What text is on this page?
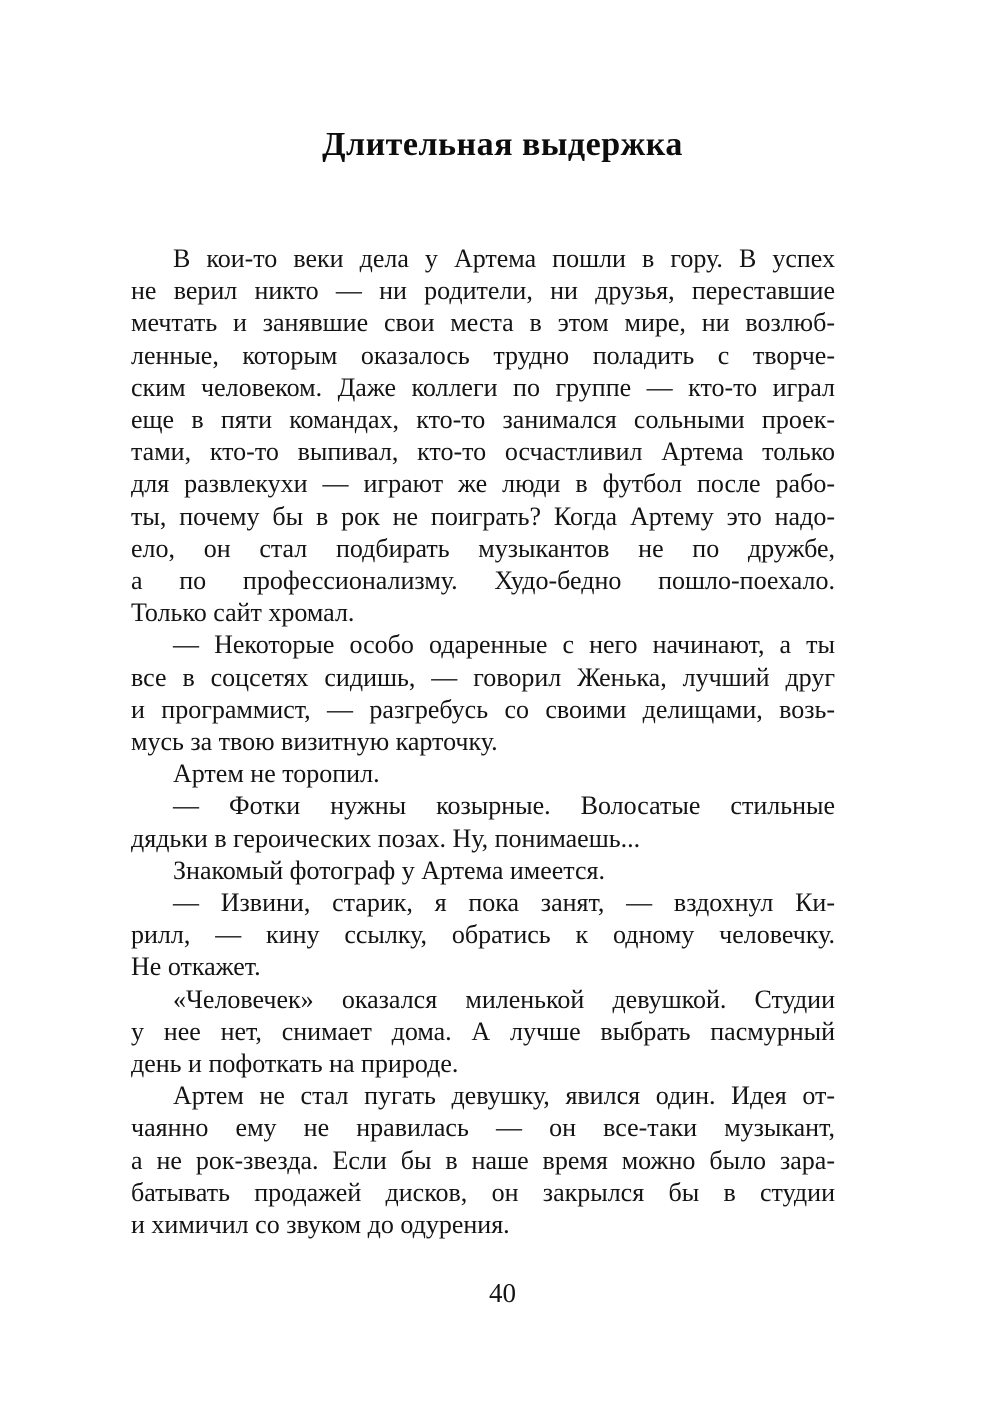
Длительная выдержка
В кои-то веки дела у Артема пошли в гору. В успех
не верил никто — ни родители, ни друзья, переставшие
мечтать и занявшие свои места в этом мире, ни возлюб-
ленные, которым оказалось трудно поладить с творче-
ским человеком. Даже коллеги по группе — кто-то играл
еще в пяти командах, кто-то занимался сольными проек-
тами, кто-то выпивал, кто-то осчастливил Артема только
для развлекухи — играют же люди в футбол после рабо-
ты, почему бы в рок не поиграть? Когда Артему это надо-
ело, он стал подбирать музыкантов не по дружбе,
а по профессионализму. Худо-бедно пошло-поехало.
Только сайт хромал.
— Некоторые особо одаренные с него начинают, а ты
все в соцсетях сидишь, — говорил Женька, лучший друг
и программист, — разгребусь со своими делищами, возь-
мусь за твою визитную карточку.
Артем не торопил.
— Фотки нужны козырные. Волосатые стильные
дядьки в героических позах. Ну, понимаешь...
Знакомый фотограф у Артема имеется.
— Извини, старик, я пока занят, — вздохнул Ки-
рилл, — кину ссылку, обратись к одному человечку.
Не откажет.
«Человечек» оказался миленькой девушкой. Студии
у нее нет, снимает дома. А лучше выбрать пасмурный
день и пофоткать на природе.
Артем не стал пугать девушку, явился один. Идея от-
чаянно ему не нравилась — он все-таки музыкант,
а не рок-звезда. Если бы в наше время можно было зара-
батывать продажей дисков, он закрылся бы в студии
и химичил со звуком до одурения.
40
